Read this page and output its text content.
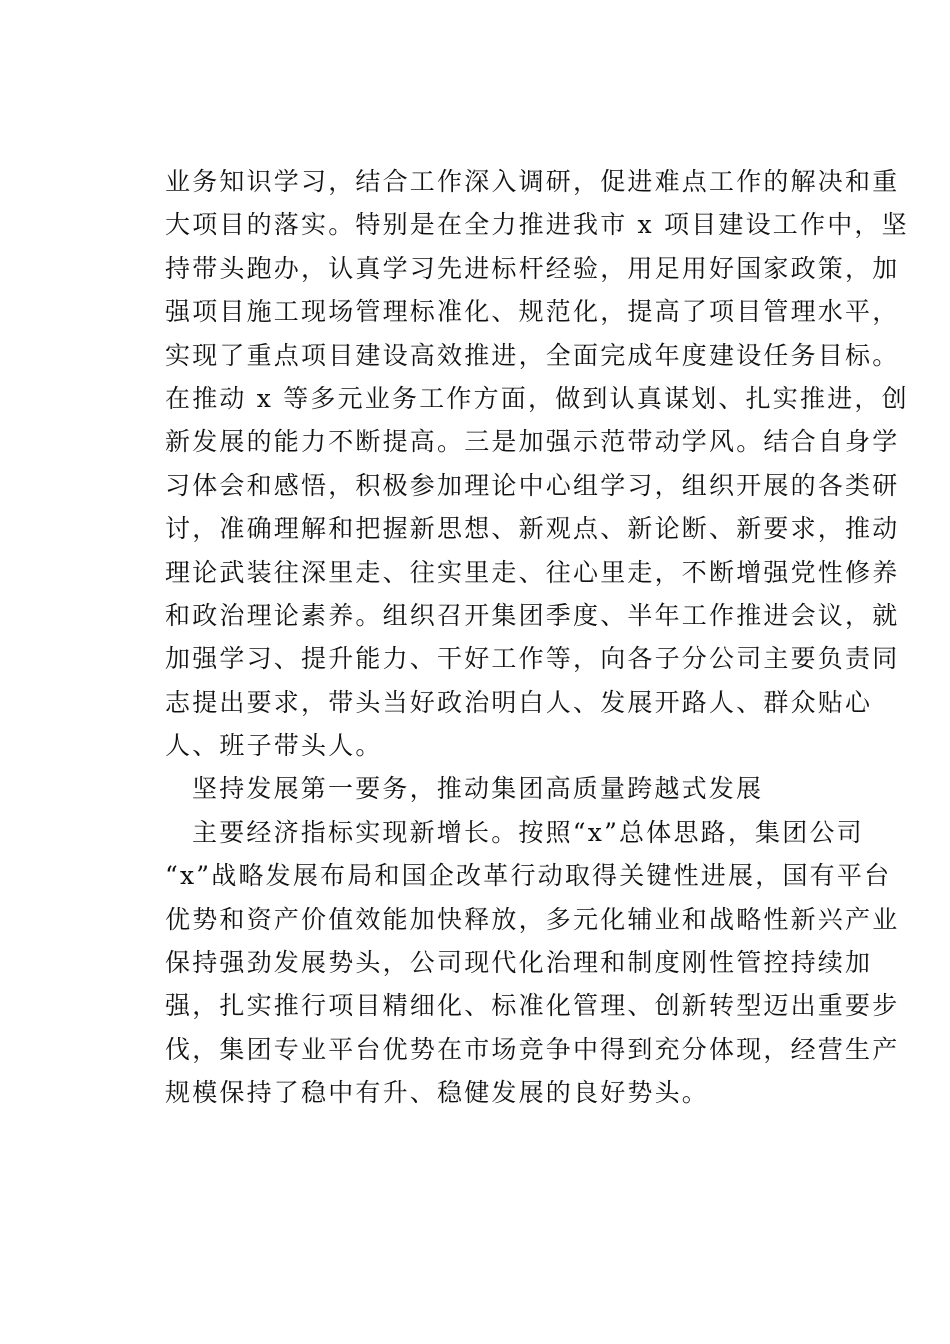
业务知识学习，结合工作深入调研，促进难点工作的解决和重
大项目的落实。特别是在全力推进我市 x 项目建设工作中，坚
持带头跑办，认真学习先进标杆经验，用足用好国家政策，加
强项目施工现场管理标准化、规范化，提高了项目管理水平，
实现了重点项目建设高效推进，全面完成年度建设任务目标。
在推动 x 等多元业务工作方面，做到认真谋划、扎实推进，创
新发展的能力不断提高。三是加强示范带动学风。结合自身学
习体会和感悟，积极参加理论中心组学习，组织开展的各类研
讨，准确理解和把握新思想、新观点、新论断、新要求，推动
理论武装往深里走、往实里走、往心里走，不断增强党性修养
和政治理论素养。组织召开集团季度、半年工作推进会议，就
加强学习、提升能力、干好工作等，向各子分公司主要负责同
志提出要求，带头当好政治明白人、发展开路人、群众贴心
人、班子带头人。
坚持发展第一要务，推动集团高质量跨越式发展
主要经济指标实现新增长。按照“x”总体思路，集团公司
“x”战略发展布局和国企改革行动取得关键性进展，国有平台
优势和资产价值效能加快释放，多元化辅业和战略性新兴产业
保持强劲发展势头，公司现代化治理和制度刚性管控持续加
强，扎实推行项目精细化、标准化管理、创新转型迈出重要步
伐，集团专业平台优势在市场竞争中得到充分体现，经营生产
规模保持了稳中有升、稳健发展的良好势头。
